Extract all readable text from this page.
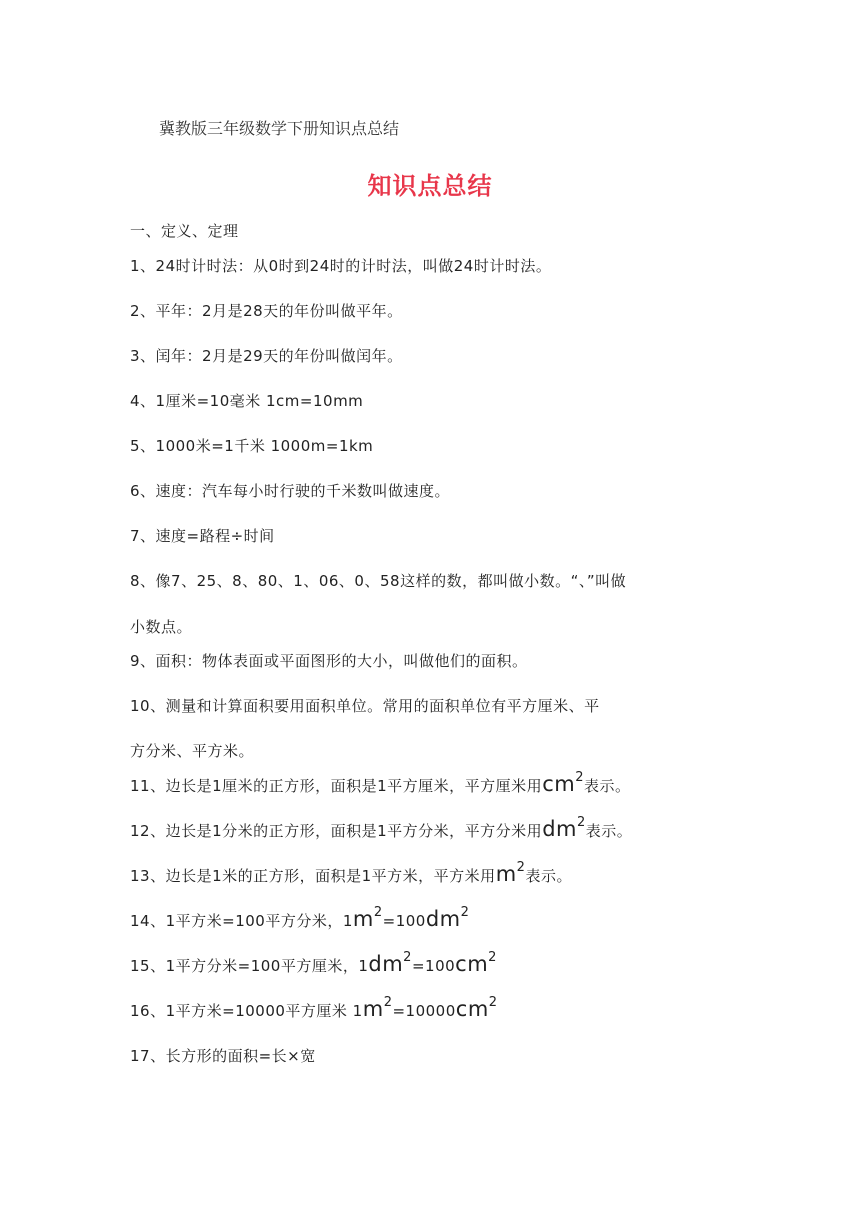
冀教版三年级数学下册知识点总结
知识点总结
一、定义、定理
1、24时计时法：从0时到24时的计时法，叫做24时计时法。
2、平年：2月是28天的年份叫做平年。
3、闰年：2月是29天的年份叫做闰年。
4、1厘米=10毫米 1cm=10mm
5、1000米=1千米 1000m=1km
6、速度：汽车每小时行驶的千米数叫做速度。
7、速度=路程÷时间
8、像7、25、8、80、1、06、0、58这样的数，都叫做小数。“、”叫做
小数点。
9、面积：物体表面或平面图形的大小，叫做他们的面积。
10、测量和计算面积要用面积单位。常用的面积单位有平方厘米、平
方分米、平方米。
11、边长是1厘米的正方形，面积是1平方厘米，平方厘米用$cm^2$表示。
12、边长是1分米的正方形，面积是1平方分米，平方分米用$dm^2$表示。
13、边长是1米的正方形，面积是1平方米，平方米用$m^2$表示。
14、1平方米=100平方分米，$1m^2=100dm^2$
15、1平方分米=100平方厘米，$1dm^2=100cm^2$
16、1平方米=10000平方厘米 $1m^2=10000cm^2$
17、长方形的面积=长×宽
